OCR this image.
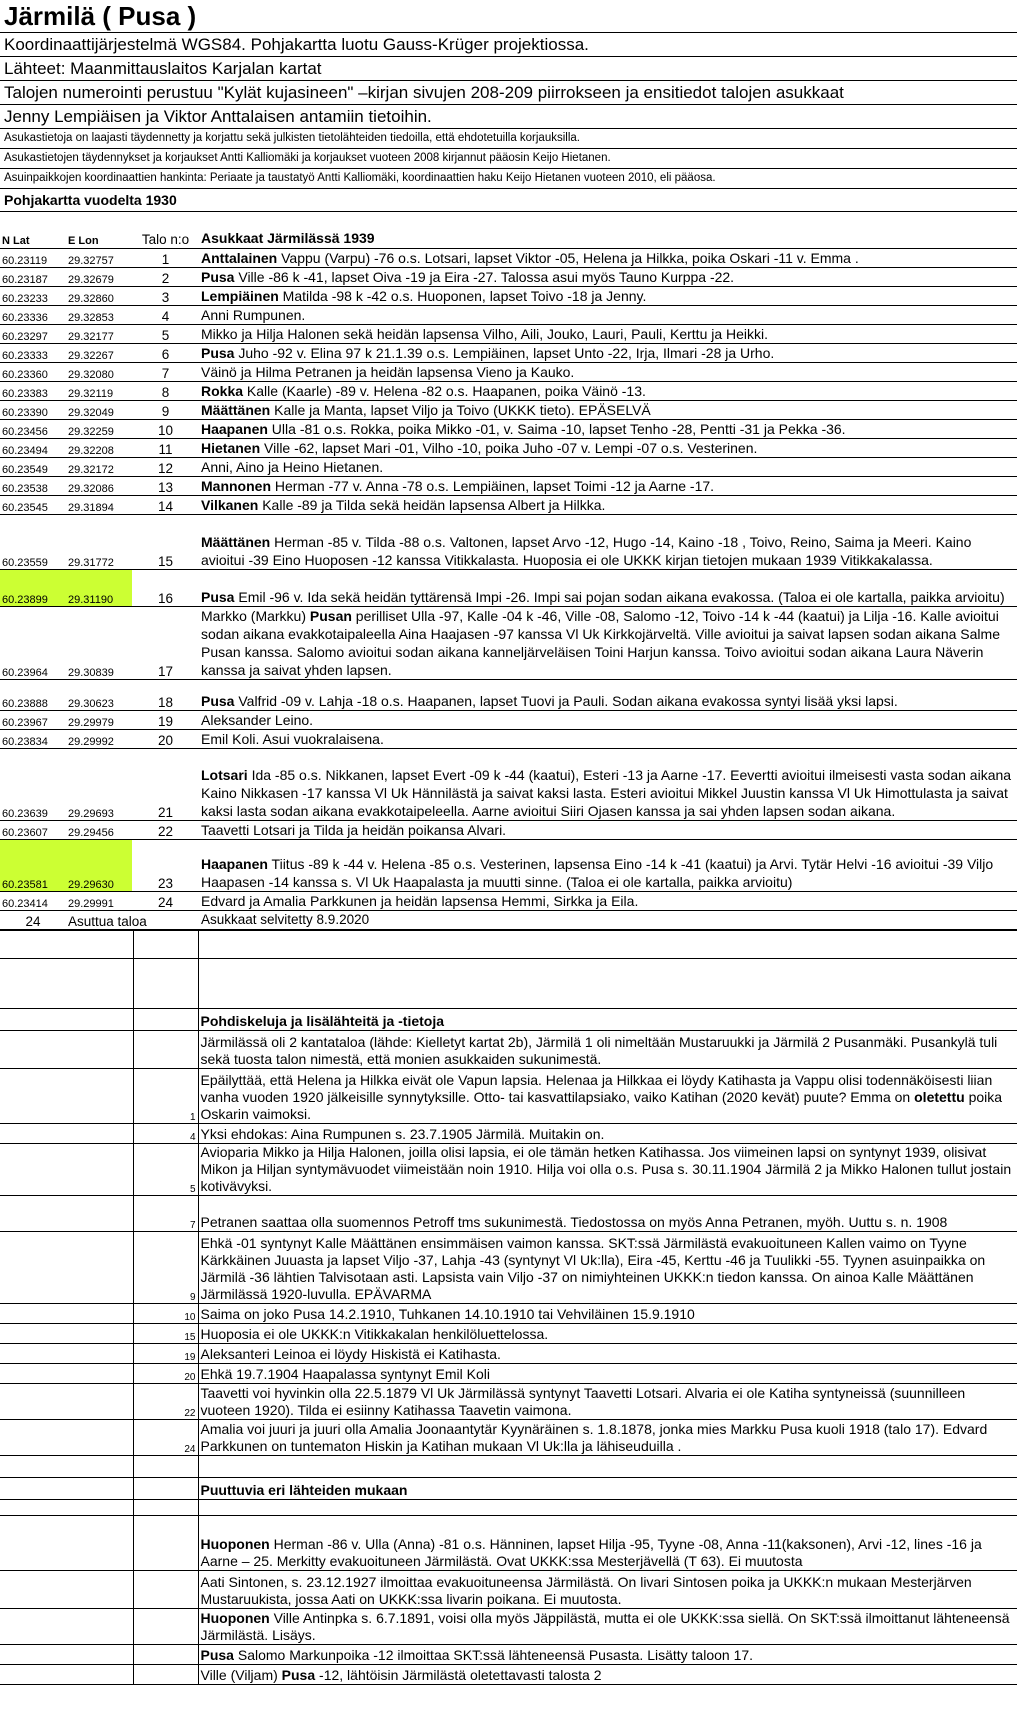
Järmilä ( Pusa )
Koordinaattijärjestelmä WGS84. Pohjakartta luotu Gauss-Krüger projektiossa.
Lähteet: Maanmittauslaitos Karjalan kartat
Talojen numerointi perustuu "Kylät kujasineen" –kirjan sivujen 208-209 piirrokseen ja ensitiedot talojen asukkaat
Jenny Lempiäisen ja Viktor Anttalaisen antamiin tietoihin.
Asukastietoja on laajasti täydennetty ja korjattu sekä julkisten tietolähteiden tiedoilla, että ehdotetuilla korjauksilla.
Asukastietojen täydennykset ja korjaukset Antti Kalliomäki ja korjaukset vuoteen 2008 kirjannut pääosin Keijo Hietanen.
Asuinpaikkojen koordinaattien hankinta: Periaate ja taustatyö Antti Kalliomäki, koordinaattien haku Keijo Hietanen vuoteen 2010, eli pääosa.
Pohjakartta vuodelta 1930
N Lat	E Lon	Talo n:o	Asukkaat Järmilässä 1939
60.23119	29.32757	1	Anttalainen Vappu (Varpu) -76 o.s. Lotsari, lapset Viktor -05, Helena ja Hilkka, poika Oskari -11 v. Emma .
60.23187	29.32679	2	Pusa Ville -86 k -41, lapset Oiva -19 ja Eira -27. Talossa asui myös Tauno Kurppa -22.
60.23233	29.32860	3	Lempiäinen Matilda -98 k -42 o.s. Huoponen, lapset Toivo -18 ja Jenny.
60.23336	29.32853	4	Anni Rumpunen.
60.23297	29.32177	5	Mikko ja Hilja Halonen sekä heidän lapsensa Vilho, Aili, Jouko, Lauri, Pauli, Kerttu ja Heikki.
60.23333	29.32267	6	Pusa Juho -92 v. Elina 97 k 21.1.39 o.s. Lempiäinen, lapset Unto -22, Irja, Ilmari -28 ja Urho.
60.23360	29.32080	7	Väinö ja Hilma Petranen ja heidän lapsensa Vieno ja Kauko.
60.23383	29.32119	8	Rokka Kalle (Kaarle) -89 v. Helena -82 o.s. Haapanen, poika Väinö -13.
60.23390	29.32049	9	Määttänen Kalle ja Manta, lapset Viljo ja Toivo (UKKK tieto). EPÄSELVÄ
60.23456	29.32259	10	Haapanen Ulla -81 o.s. Rokka, poika Mikko -01, v. Saima -10, lapset Tenho -28, Pentti -31 ja Pekka -36.
60.23494	29.32208	11	Hietanen Ville -62, lapset Mari -01, Vilho -10, poika Juho -07 v. Lempi -07 o.s. Vesterinen.
60.23549	29.32172	12	Anni, Aino ja Heino Hietanen.
60.23538	29.32086	13	Mannonen Herman -77 v. Anna -78 o.s. Lempiäinen, lapset Toimi -12 ja Aarne -17.
60.23545	29.31894	14	Vilkanen Kalle -89 ja Tilda sekä heidän lapsensa Albert ja Hilkka.
60.23559	29.31772	15	Määttänen Herman -85 v. Tilda -88 o.s. Valtonen, lapset Arvo -12, Hugo -14, Kaino -18 , Toivo, Reino, Saima ja Meeri. Kaino avioitui -39 Eino Huoposen -12 kanssa Vitikkalasta. Huoposia ei ole UKKK kirjan tietojen mukaan 1939 Vitikkakalassa.
60.23899	29.31190	16	Pusa Emil -96 v. Ida sekä heidän tyttärensä Impi -26. Impi sai pojan sodan aikana evakossa. (Taloa ei ole kartalla, paikka arvioitu)
60.23964	29.30839	17	Markko (Markku) Pusan perilliset Ulla -97, Kalle -04 k -46, Ville -08, Salomo -12, Toivo -14 k -44 (kaatui) ja Lilja -16. Kalle avioitui sodan aikana evakkotaipaleella Aina Haajasen -97 kanssa Vl Uk Kirkkojärveltä. Ville avioitui ja saivat lapsen sodan aikana Salme Pusan kanssa. Salomo avioitui sodan aikana kanneljärveläisen Toini Harjun kanssa. Toivo avioitui sodan aikana Laura Näverin kanssa ja saivat yhden lapsen.
60.23888	29.30623	18	Pusa Valfrid -09 v. Lahja -18 o.s. Haapanen, lapset Tuovi ja Pauli. Sodan aikana evakossa syntyi lisää yksi lapsi.
60.23967	29.29979	19	Aleksander Leino.
60.23834	29.29992	20	Emil Koli. Asui vuokralaisena.
60.23639	29.29693	21	Lotsari Ida -85 o.s. Nikkanen, lapset Evert -09 k -44 (kaatui), Esteri -13 ja Aarne -17. Eevertti avioitui ilmeisesti vasta sodan aikana Kaino Nikkasen -17 kanssa Vl Uk Hännilästä ja saivat kaksi lasta. Esteri avioitui Mikkel Juustin kanssa Vl Uk Himottulasta ja saivat kaksi lasta sodan aikana evakkotaipeleella. Aarne avioitui Siiri Ojasen kanssa ja sai yhden lapsen sodan aikana.
60.23607	29.29456	22	Taavetti Lotsari ja Tilda ja heidän poikansa Alvari.
60.23581	29.29630	23	Haapanen Tiitus -89 k -44 v. Helena -85 o.s. Vesterinen, lapsensa Eino -14 k -41 (kaatui) ja Arvi. Tytär Helvi -16 avioitui -39 Viljo Haapasen -14 kanssa s. Vl Uk Haapalasta ja muutti sinne. (Taloa ei ole kartalla, paikka arvioitu)
60.23414	29.29991	24	Edvard ja Amalia Parkkunen ja heidän lapsensa Hemmi, Sirkka ja Eila.
24	Asuttua taloa		Asukkaat selvitetty 8.9.2020

		Pohdiskeluja ja lisälähteitä ja -tietoja
		Järmilässä oli 2 kantataloa (lähde: Kielletyt kartat 2b), Järmilä 1 oli nimeltään Mustaruukki ja Järmilä 2 Pusanmäki. Pusankylä tuli sekä tuosta talon nimestä, että monien asukkaiden sukunimestä.
	1	Epäilyttää, että Helena ja Hilkka eivät ole Vapun lapsia. Helenaa ja Hilkkaa ei löydy Katihasta ja Vappu olisi todennäköisesti liian vanha vuoden 1920 jälkeisille synnytyksille. Otto- tai kasvattilapsiako, vaiko Katihan (2020 kevät) puute? Emma on oletettu poika Oskarin vaimoksi.
	4	Yksi ehdokas: Aina Rumpunen s. 23.7.1905 Järmilä. Muitakin on.
	5	Avioparia Mikko ja Hilja Halonen, joilla olisi lapsia, ei ole tämän hetken Katihassa. Jos viimeinen lapsi on syntynyt 1939, olisivat Mikon ja Hiljan syntymävuodet viimeistään noin 1910. Hilja voi olla o.s. Pusa s. 30.11.1904 Järmilä 2 ja Mikko Halonen tullut jostain kotivävyksi.
	7	Petranen saattaa olla suomennos Petroff tms sukunimestä. Tiedostossa on myös Anna Petranen, myöh. Uuttu s. n. 1908
	9	Ehkä -01 syntynyt Kalle Määttänen ensimmäisen vaimon kanssa. SKT:ssä Järmilästä evakuoituneen Kallen vaimo on Tyyne Kärkkäinen Juuasta ja lapset Viljo -37, Lahja -43 (syntynyt Vl Uk:lla), Eira -45, Kerttu -46 ja Tuulikki -55. Tyynen asuinpaikka on Järmilä -36 lähtien Talvisotaan asti. Lapsista vain Viljo -37 on nimiyhteinen UKKK:n tiedon kanssa. On ainoa Kalle Määttänen Järmilässä 1920-luvulla. EPÄVARMA
	10	Saima on joko Pusa 14.2.1910, Tuhkanen 14.10.1910 tai Vehviläinen 15.9.1910
	15	Huoposia ei ole UKKK:n Vitikkakalan henkilöluettelossa.
	19	Aleksanteri Leinoa ei löydy Hiskistä ei Katihasta.
	20	Ehkä 19.7.1904 Haapalassa syntynyt Emil Koli
	22	Taavetti voi hyvinkin olla 22.5.1879 Vl Uk Järmilässä syntynyt Taavetti Lotsari. Alvaria ei ole Katiha syntyneissä (suunnilleen vuoteen 1920). Tilda ei esiinny Katihassa Taavetin vaimona.
	24	Amalia voi juuri ja juuri olla Amalia Joonaantytär Kyynäräinen s. 1.8.1878, jonka mies Markku Pusa kuoli 1918 (talo 17). Edvard Parkkunen on tuntematon Hiskin ja Katihan mukaan Vl Uk:lla ja lähiseuduilla .

		Puuttuvia eri lähteiden mukaan

		Huoponen Herman -86 v. Ulla (Anna) -81 o.s. Hänninen, lapset Hilja -95, Tyyne -08, Anna -11(kaksonen), Arvi -12, lines -16 ja Aarne – 25. Merkitty evakuoituneen Järmilästä. Ovat UKKK:ssa Mesterjävellä (T 63). Ei muutosta
		Aati Sintonen, s. 23.12.1927 ilmoittaa evakuoituneensa Järmilästä. On livari Sintosen poika ja UKKK:n mukaan Mesterjärven Mustaruukista, jossa Aati on UKKK:ssa livarin poikana. Ei muutosta.
		Huoponen Ville Antinpka s. 6.7.1891, voisi olla myös Jäppilästä, mutta ei ole UKKK:ssa siellä. On SKT:ssä ilmoittanut lähteneensä Järmilästä. Lisäys.
		Pusa Salomo Markunpoika -12 ilmoittaa SKT:ssä lähteneensä Pusasta. Lisätty taloon 17.
		Ville (Viljam) Pusa -12, lähtöisin Järmilästä oletettavasti talosta 2
